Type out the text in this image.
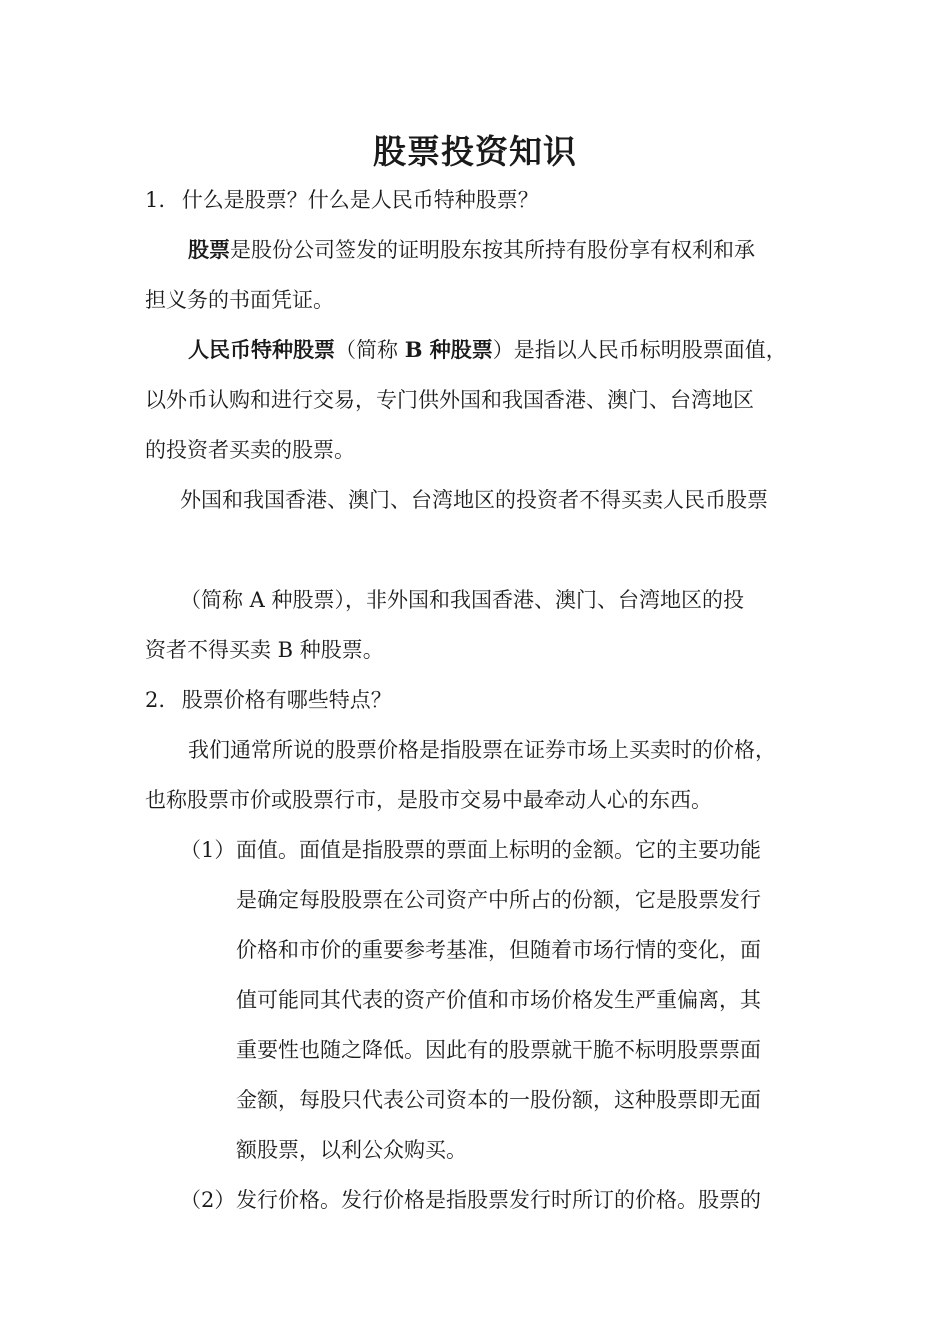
股票投资知识
1. 什么是股票？什么是人民币特种股票？
股票是股份公司签发的证明股东按其所持有股份享有权利和承
担义务的书面凭证。
人民币特种股票（简称 B 种股票）是指以人民币标明股票面值，
以外币认购和进行交易，专门供外国和我国香港、澳门、台湾地区
的投资者买卖的股票。
外国和我国香港、澳门、台湾地区的投资者不得买卖人民币股票
（简称 A 种股票），非外国和我国香港、澳门、台湾地区的投
资者不得买卖 B 种股票。
2. 股票价格有哪些特点？
我们通常所说的股票价格是指股票在证券市场上买卖时的价格，
也称股票市价或股票行市，是股市交易中最牵动人心的东西。
（1） 面值。面值是指股票的票面上标明的金额。它的主要功能
是确定每股股票在公司资产中所占的份额，它是股票发行
价格和市价的重要参考基准，但随着市场行情的变化，面
值可能同其代表的资产价值和市场价格发生严重偏离，其
重要性也随之降低。因此有的股票就干脆不标明股票票面
金额，每股只代表公司资本的一股份额，这种股票即无面
额股票，以利公众购买。
（2） 发行价格。发行价格是指股票发行时所订的价格。股票的
